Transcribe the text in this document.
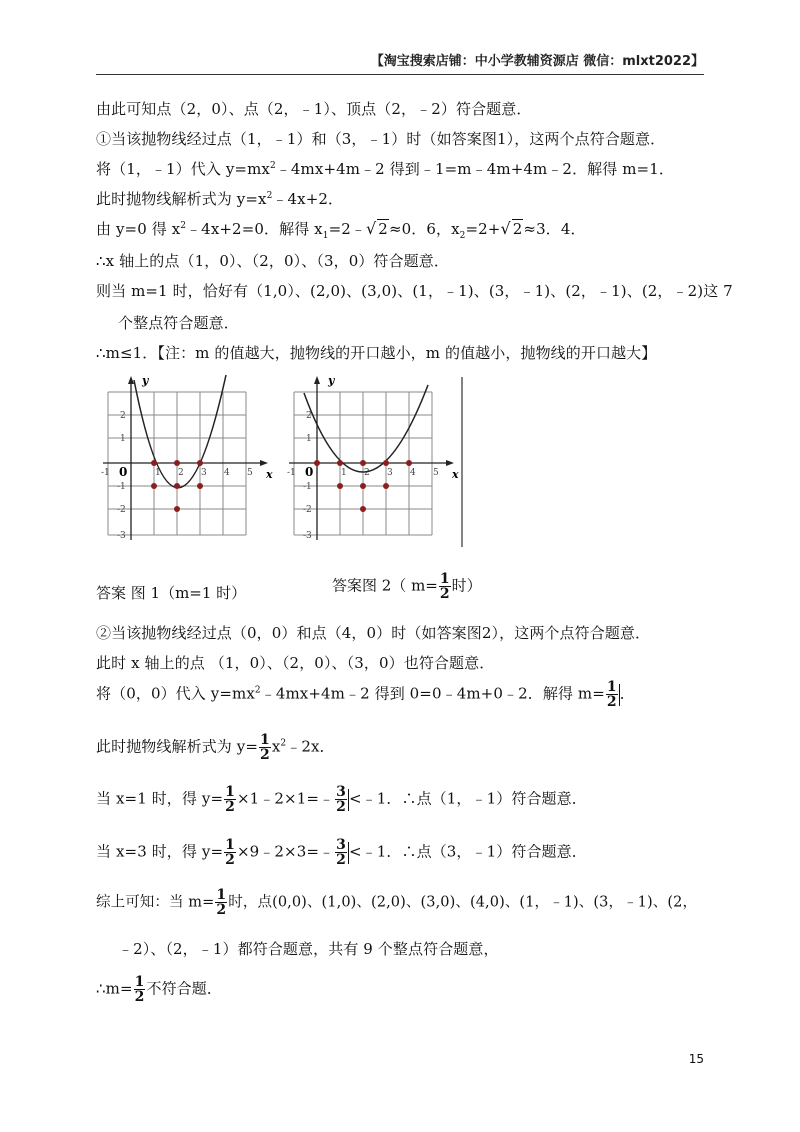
【淘宝搜索店铺：中小学教辅资源店 微信：mlxt2022】
由此可知点（2，0）、点（2，﹣1）、顶点（2，﹣2）符合题意．
①当该抛物线经过点（1，﹣1）和（3，﹣1）时（如答案图1），这两个点符合题意．
将（1，﹣1）代入 $y=mx^2﹣4mx+4m﹣2$ 得到﹣1=m﹣4m+4m﹣2．解得 m=1．
此时抛物线解析式为 $y=x^2﹣4x+2$．
由 y=0 得 $x^2﹣4x+2=0$．解得 $x_1=2﹣√$ 2≈0．6，$x_2=2+√$ 2≈3．4．
∴x 轴上的点（1，0）、（2，0）、（3，0）符合题意．
则当 m=1 时，恰好有（1,0）、(2,0)、(3,0)、(1，﹣1)、(3，﹣1)、(2，﹣1)、(2，﹣2)这 7
个整点符合题意．
∴m≤1．【注：m 的值越大，抛物线的开口越小，m 的值越小，抛物线的开口越大】
y
x
0
-1	1 2 3 4 5
2
1
-1
-2
-3
y
x
0
-1	1 2 3 4 5
2
1
-1
-2
-3
答案 图 1（m=1 时）	答案图 2（ $m= \frac{1}{2}$ 时）
②当该抛物线经过点（0，0）和点（4，0）时（如答案图2），这两个点符合题意．
此时 x 轴上的点 （1，0）、（2，0）、（3，0）也符合题意．
将（0，0）代入 $y=mx^2﹣4mx+4m﹣2$ 得到 0=0﹣4m+0﹣2．解得 $m= \frac{1}{2}$ ．
此时抛物线解析式为 $y= \frac{1}{2}$ $x^2﹣2x$．
当 x=1 时，得 $y= \frac{1}{2}$ ×1﹣2×1=﹣ $\frac{3}{2}$ <﹣1．∴点（1，﹣1）符合题意．
当 x=3 时，得 $y= \frac{1}{2}$ ×9﹣2×3=﹣ $\frac{3}{2}$ <﹣1．∴点（3，﹣1）符合题意．
综上可知：当 $m= \frac{1}{2}$ 时，点(0,0)、(1,0)、(2,0)、(3,0)、(4,0)、(1，﹣1)、(3，﹣1)、(2，
﹣2）、（2，﹣1）都符合题意，共有 9 个整点符合题意，
∴m= $\frac{1}{2}$ 不符合题．
15
